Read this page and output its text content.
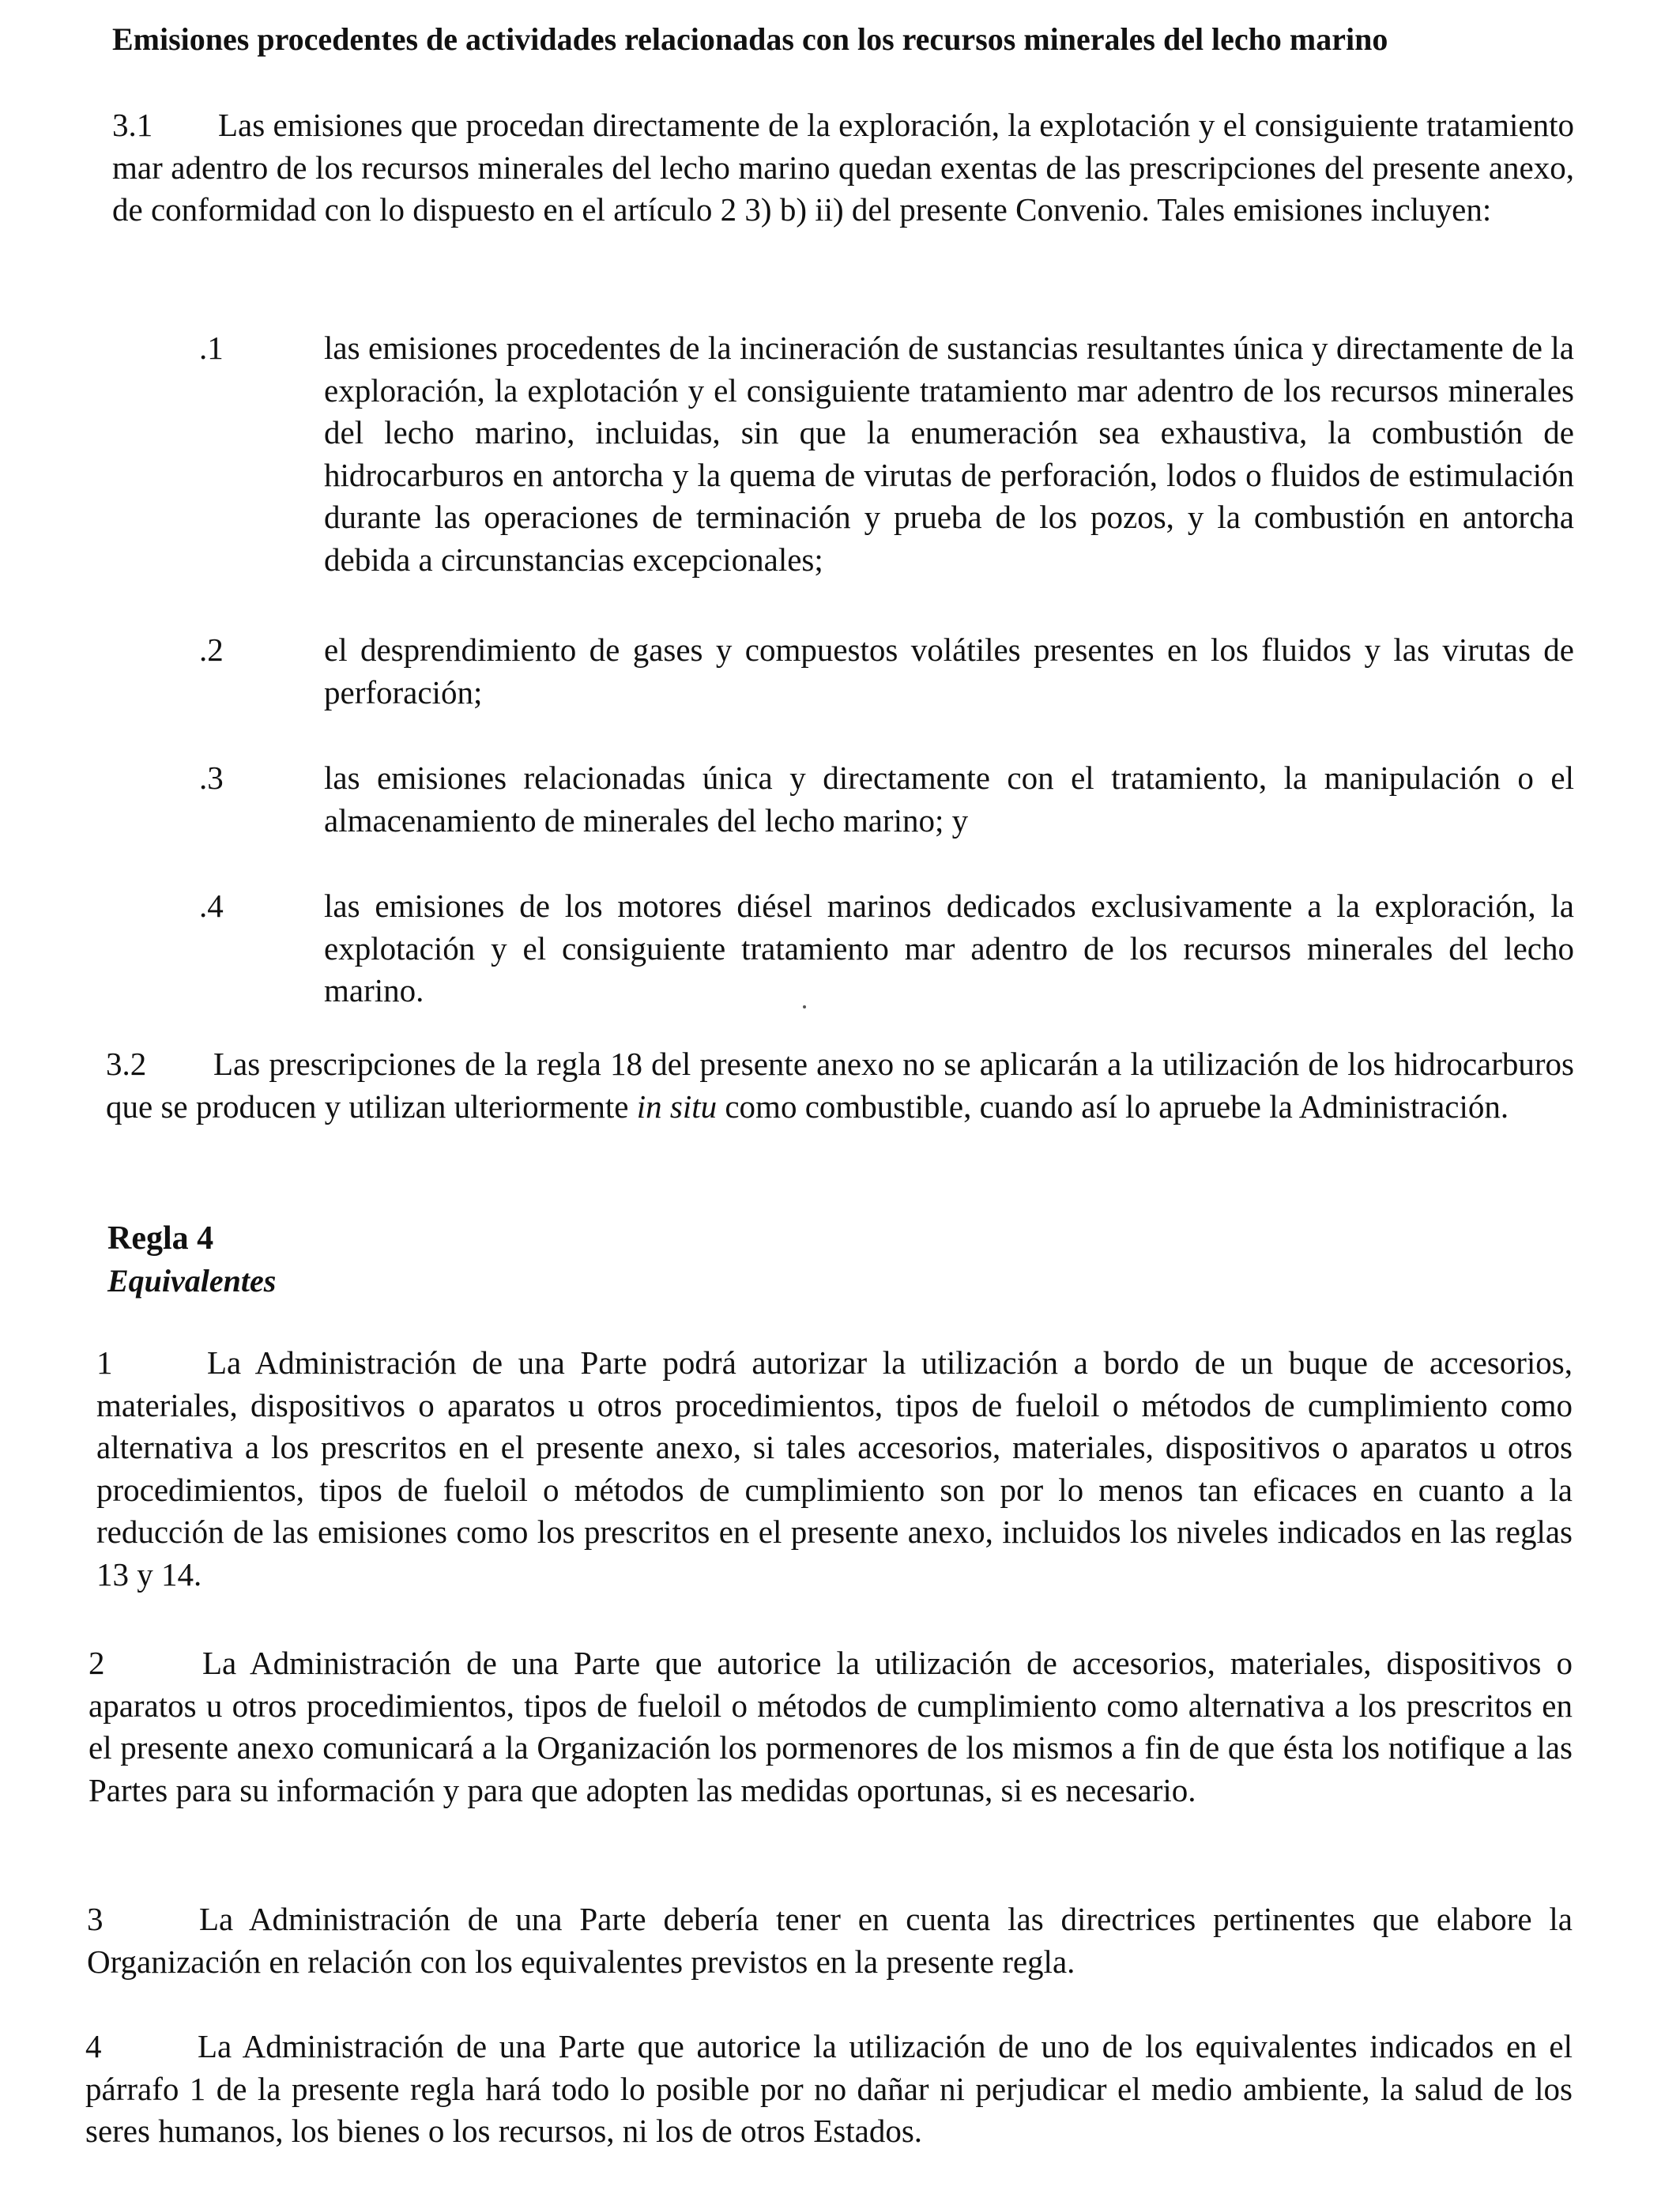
Emisiones procedentes de actividades relacionadas con los recursos minerales del lecho marino
3.1 Las emisiones que procedan directamente de la exploración, la explotación y el consiguiente tratamiento mar adentro de los recursos minerales del lecho marino quedan exentas de las prescripciones del presente anexo, de conformidad con lo dispuesto en el artículo 2 3) b) ii) del presente Convenio. Tales emisiones incluyen:
.1	las emisiones procedentes de la incineración de sustancias resultantes única y directamente de la exploración, la explotación y el consiguiente tratamiento mar adentro de los recursos minerales del lecho marino, incluidas, sin que la enumeración sea exhaustiva, la combustión de hidrocarburos en antorcha y la quema de virutas de perforación, lodos o fluidos de estimulación durante las operaciones de terminación y prueba de los pozos, y la combustión en antorcha debida a circunstancias excepcionales;
.2	el desprendimiento de gases y compuestos volátiles presentes en los fluidos y las virutas de perforación;
.3	las emisiones relacionadas única y directamente con el tratamiento, la manipulación o el almacenamiento de minerales del lecho marino; y
.4	las emisiones de los motores diésel marinos dedicados exclusivamente a la exploración, la explotación y el consiguiente tratamiento mar adentro de los recursos minerales del lecho marino.
3.2 Las prescripciones de la regla 18 del presente anexo no se aplicarán a la utilización de los hidrocarburos que se producen y utilizan ulteriormente in situ como combustible, cuando así lo apruebe la Administración.
Regla 4
Equivalentes
1	La Administración de una Parte podrá autorizar la utilización a bordo de un buque de accesorios, materiales, dispositivos o aparatos u otros procedimientos, tipos de fueloil o métodos de cumplimiento como alternativa a los prescritos en el presente anexo, si tales accesorios, materiales, dispositivos o aparatos u otros procedimientos, tipos de fueloil o métodos de cumplimiento son por lo menos tan eficaces en cuanto a la reducción de las emisiones como los prescritos en el presente anexo, incluidos los niveles indicados en las reglas 13 y 14.
2	La Administración de una Parte que autorice la utilización de accesorios, materiales, dispositivos o aparatos u otros procedimientos, tipos de fueloil o métodos de cumplimiento como alternativa a los prescritos en el presente anexo comunicará a la Organización los pormenores de los mismos a fin de que ésta los notifique a las Partes para su información y para que adopten las medidas oportunas, si es necesario.
3	La Administración de una Parte debería tener en cuenta las directrices pertinentes que elabore la Organización en relación con los equivalentes previstos en la presente regla.
4	La Administración de una Parte que autorice la utilización de uno de los equivalentes indicados en el párrafo 1 de la presente regla hará todo lo posible por no dañar ni perjudicar el medio ambiente, la salud de los seres humanos, los bienes o los recursos, ni los de otros Estados.
